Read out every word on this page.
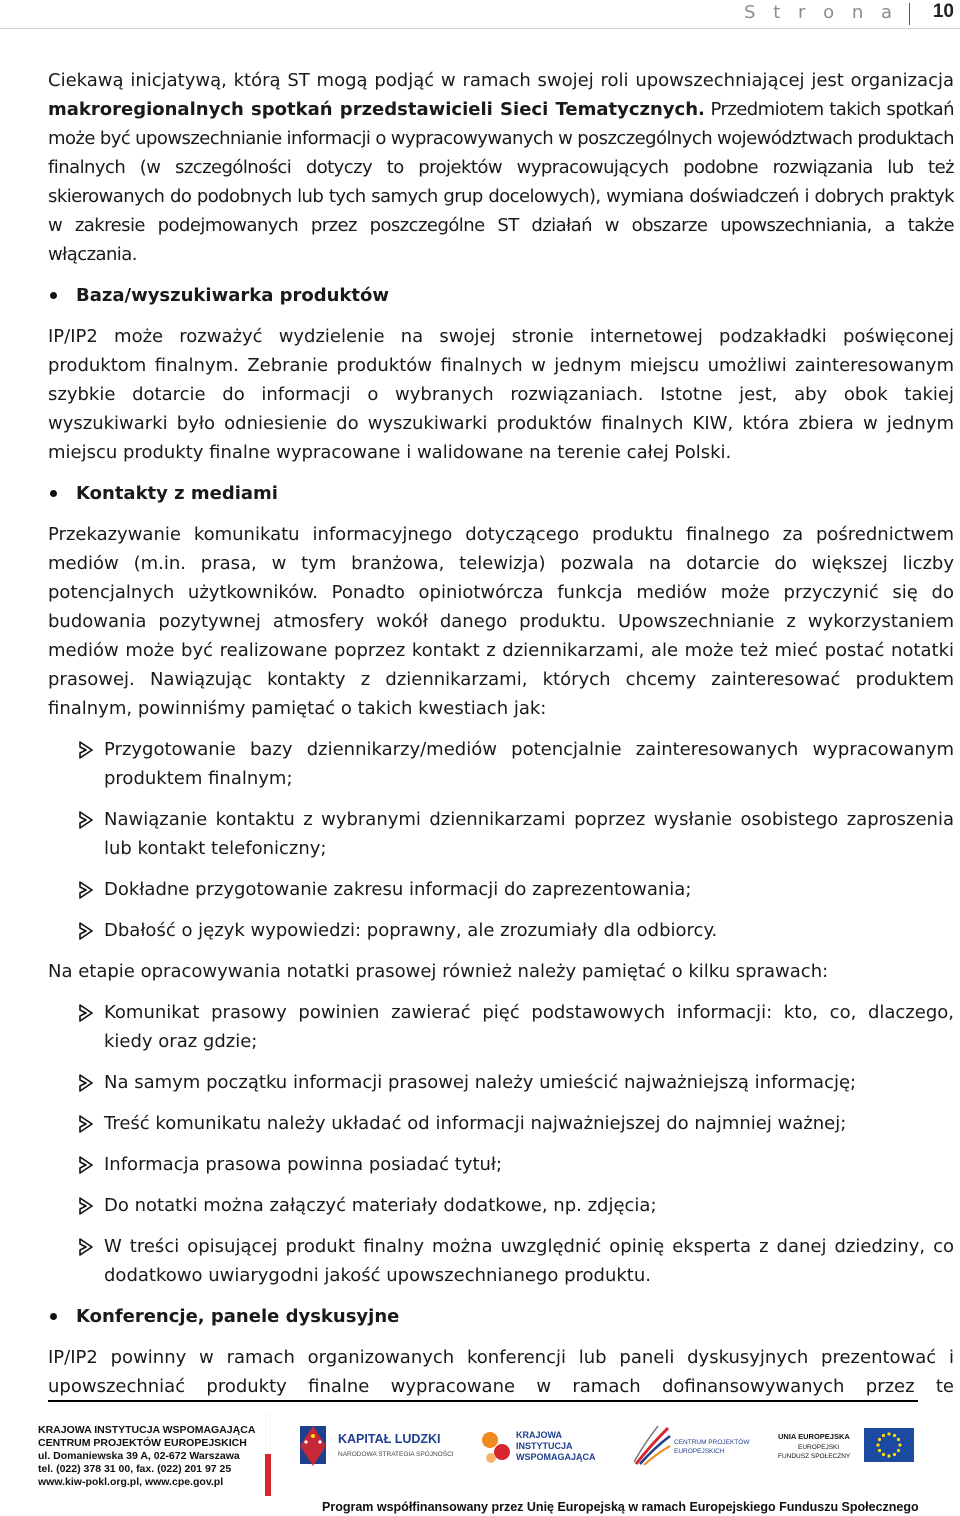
S t r o n a 10

Ciekawą inicjatywą, którą ST mogą podjąć w ramach swojej roli upowszechniającej jest organizacja makroregionalnych spotkań przedstawicieli Sieci Tematycznych. Przedmiotem takich spotkań może być upowszechnianie informacji o wypracowywanych w poszczególnych województwach produktach finalnych (w szczególności dotyczy to projektów wypracowujących podobne rozwiązania lub też skierowanych do podobnych lub tych samych grup docelowych), wymiana doświadczeń i dobrych praktyk w zakresie podejmowanych przez poszczególne ST działań w obszarze upowszechniania, a także włączania.

Baza/wyszukiwarka produktów

IP/IP2 może rozważyć wydzielenie na swojej stronie internetowej podzakładki poświęconej produktom finalnym. Zebranie produktów finalnych w jednym miejscu umożliwi zainteresowanym szybkie dotarcie do informacji o wybranych rozwiązaniach. Istotne jest, aby obok takiej wyszukiwarki było odniesienie do wyszukiwarki produktów finalnych KIW, która zbiera w jednym miejscu produkty finalne wypracowane i walidowane na terenie całej Polski.

Kontakty z mediami

Przekazywanie komunikatu informacyjnego dotyczącego produktu finalnego za pośrednictwem mediów (m.in. prasa, w tym branżowa, telewizja) pozwala na dotarcie do większej liczby potencjalnych użytkowników. Ponadto opiniotwórcza funkcja mediów może przyczynić się do budowania pozytywnej atmosfery wokół danego produktu. Upowszechnianie z wykorzystaniem mediów może być realizowane poprzez kontakt z dziennikarzami, ale może też mieć postać notatki prasowej. Nawiązując kontakty z dziennikarzami, których chcemy zainteresować produktem finalnym, powinniśmy pamiętać o takich kwestiach jak:

Przygotowanie bazy dziennikarzy/mediów potencjalnie zainteresowanych wypracowanym produktem finalnym;
Nawiązanie kontaktu z wybranymi dziennikarzami poprzez wysłanie osobistego zaproszenia lub kontakt telefoniczny;
Dokładne przygotowanie zakresu informacji do zaprezentowania;
Dbałość o język wypowiedzi: poprawny, ale zrozumiały dla odbiorcy.

Na etapie opracowywania notatki prasowej również należy pamiętać o kilku sprawach:

Komunikat prasowy powinien zawierać pięć podstawowych informacji: kto, co, dlaczego, kiedy oraz gdzie;
Na samym początku informacji prasowej należy umieścić najważniejszą informację;
Treść komunikatu należy układać od informacji najważniejszej do najmniej ważnej;
Informacja prasowa powinna posiadać tytuł;
Do notatki można załączyć materiały dodatkowe, np. zdjęcia;
W treści opisującej produkt finalny można uwzględnić opinię eksperta z danej dziedziny, co dodatkowo uwiarygodni jakość upowszechnianego produktu.
Konferencje, panele dyskusyjne

IP/IP2 powinny w ramach organizowanych konferencji lub paneli dyskusyjnych prezentować i upowszechniać produkty finalne wypracowane w ramach dofinansowywanych przez te

KRAJOWA INSTYTUCJA WSPOMAGAJĄCA
CENTRUM PROJEKTÓW EUROPEJSKICH
ul. Domaniewska 39 A, 02-672 Warszawa
tel. (022) 378 31 00, fax. (022) 201 97 25
www.kiw-pokl.org.pl, www.cpe.gov.pl
KAPITAŁ LUDZKI
NARODOWA STRATEGIA SPÓJNOŚCI
KRAJOWA
INSTYTUCJA
WSPOMAGAJĄCA
CENTRUM PROJEKTÓW
EUROPEJSKICH
UNIA EUROPEJSKA
EUROPEJSKI
FUNDUSZ SPOŁECZNY
Program współfinansowany przez Unię Europejską w ramach Europejskiego Funduszu Społecznego
